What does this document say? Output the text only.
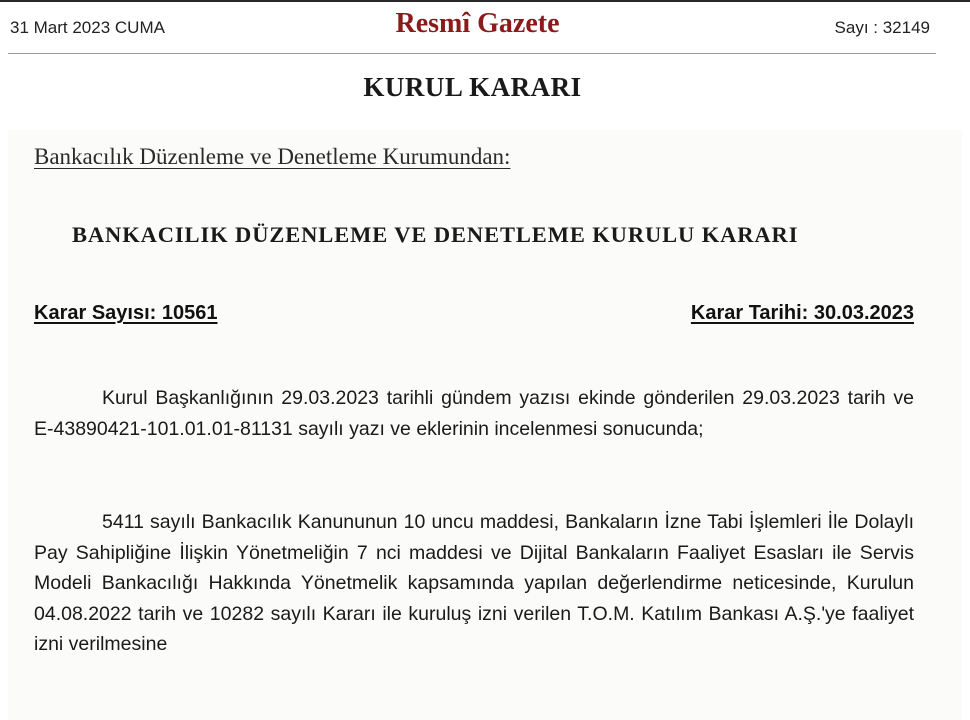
31 Mart 2023 CUMA	Resmî Gazete	Sayı : 32149
KURUL KARARI
Bankacılık Düzenleme ve Denetleme Kurumundan:
BANKACILIK DÜZENLEME VE DENETLEME KURULU KARARI
Karar Sayısı: 10561	Karar Tarihi: 30.03.2023

Kurul Başkanlığının 29.03.2023 tarihli gündem yazısı ekinde gönderilen 29.03.2023 tarih ve E-43890421-101.01.01-81131 sayılı yazı ve eklerinin incelenmesi sonucunda;

5411 sayılı Bankacılık Kanununun 10 uncu maddesi, Bankaların İzne Tabi İşlemleri İle Dolaylı Pay Sahipliğine İlişkin Yönetmeliğin 7 nci maddesi ve Dijital Bankaların Faaliyet Esasları ile Servis Modeli Bankacılığı Hakkında Yönetmelik kapsamında yapılan değerlendirme neticesinde, Kurulun 04.08.2022 tarih ve 10282 sayılı Kararı ile kuruluş izni verilen T.O.M. Katılım Bankası A.Ş.'ye faaliyet izni verilmesine
